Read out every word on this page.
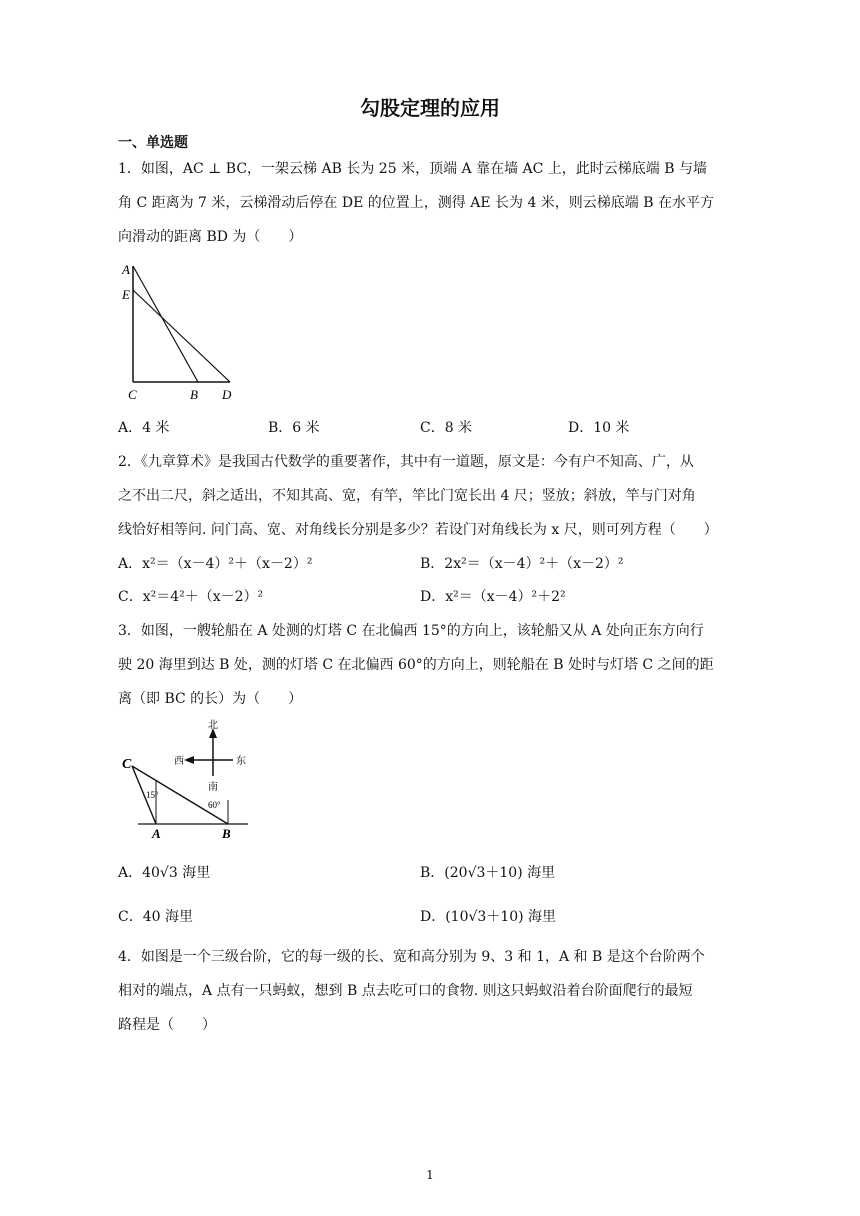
勾股定理的应用
一、单选题
1．如图，AC ⊥ BC，一架云梯 AB 长为 25 米，顶端 A 靠在墙 AC 上，此时云梯底端 B 与墙
角 C 距离为 7 米，云梯滑动后停在 DE 的位置上，测得 AE 长为 4 米，则云梯底端 B 在水平方
向滑动的距离 BD 为（　　）
A
E
C	B D
A．4 米	B．6 米	C．8 米	D．10 米
2．《九章算术》是我国古代数学的重要著作，其中有一道题，原文是：今有户不知高、广，从
之不出二尺，斜之适出，不知其高、宽，有竿，竿比门宽长出 4 尺；竖放；斜放，竿与门对角
线恰好相等问. 问门高、宽、对角线长分别是多少？若设门对角线长为 x 尺，则可列方程（　　）
A．x²＝（x－4）²＋（x－2）²	B．2x²＝（x－4）²＋（x－2）²
C．x²＝4²＋（x－2）²	D．x²＝（x－4）²＋2²
3．如图，一艘轮船在 A 处测的灯塔 C 在北偏西 15°的方向上，该轮船又从 A 处向正东方向行
驶 20 海里到达 B 处，测的灯塔 C 在北偏西 60°的方向上，则轮船在 B 处时与灯塔 C 之间的距
离（即 BC 的长）为（　　）
北
西	东
南
C
A	B
15°
60°
A．40√3 海里	B．(20√3＋10) 海里
C．40 海里	D．(10√3＋10) 海里
4．如图是一个三级台阶，它的每一级的长、宽和高分别为 9、3 和 1，A 和 B 是这个台阶两个
相对的端点，A 点有一只蚂蚁，想到 B 点去吃可口的食物. 则这只蚂蚁沿着台阶面爬行的最短
路程是（　　）
1
